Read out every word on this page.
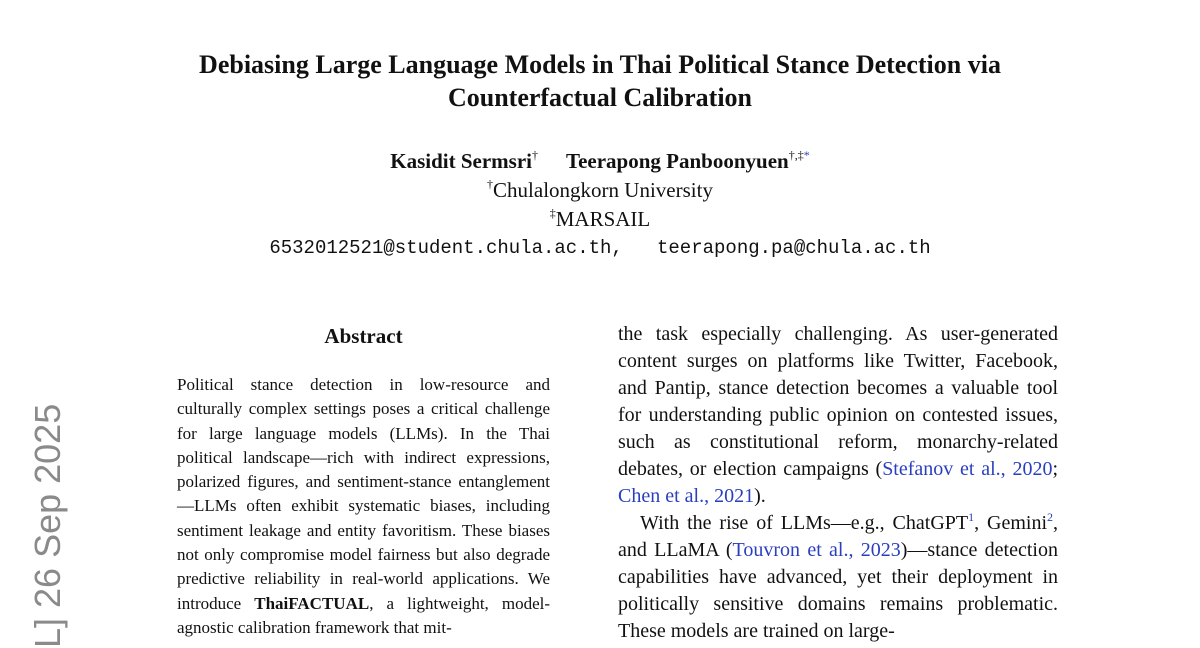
L] 26 Sep 2025
Debiasing Large Language Models in Thai Political Stance Detection via
Counterfactual Calibration
Kasidit Sermsri† Teerapong Panboonyuen†,‡*
†Chulalongkorn University
‡MARSAIL
6532012521@student.chula.ac.th,   teerapong.pa@chula.ac.th
Abstract

Political stance detection in low-resource and culturally complex settings poses a critical challenge for large language models (LLMs). In the Thai political landscape—rich with indirect expressions, polarized figures, and sentiment-stance entanglement—LLMs often exhibit systematic biases, including sentiment leakage and entity favoritism. These biases not only compromise model fairness but also degrade predictive reliability in real-world applications. We introduce ThaiFACTUAL, a lightweight, model-agnostic calibration framework that mit-

the task especially challenging. As user-generated content surges on platforms like Twitter, Facebook, and Pantip, stance detection becomes a valuable tool for understanding public opinion on contested issues, such as constitutional reform, monarchy-related debates, or election campaigns (Stefanov et al., 2020; Chen et al., 2021).

With the rise of LLMs—e.g., ChatGPT$^1$, Gemini$^2$, and LLaMA (Touvron et al., 2023)—stance detection capabilities have advanced, yet their deployment in politically sensitive domains remains problematic. These models are trained on large-
